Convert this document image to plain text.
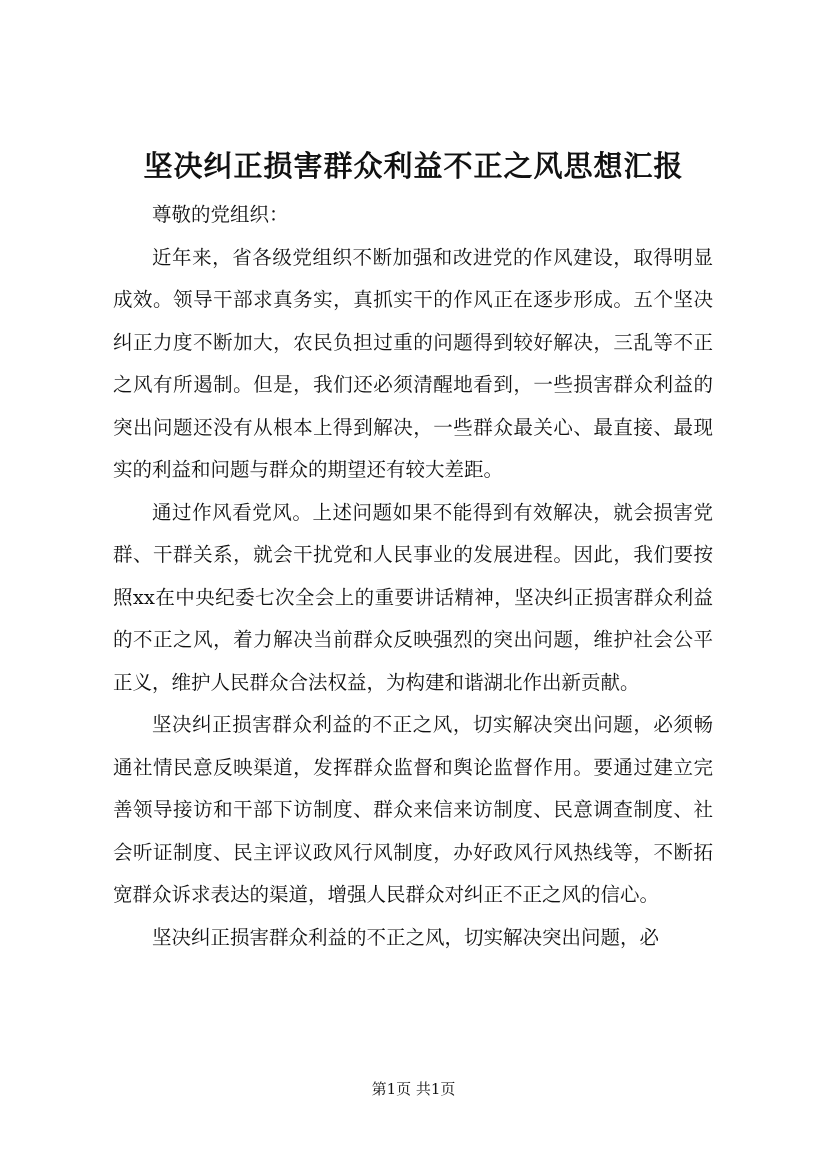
坚决纠正损害群众利益不正之风思想汇报

尊敬的党组织：

近年来，省各级党组织不断加强和改进党的作风建设，取得明显成效。领导干部求真务实，真抓实干的作风正在逐步形成。五个坚决纠正力度不断加大，农民负担过重的问题得到较好解决，三乱等不正之风有所遏制。但是，我们还必须清醒地看到，一些损害群众利益的突出问题还没有从根本上得到解决，一些群众最关心、最直接、最现实的利益和问题与群众的期望还有较大差距。

通过作风看党风。上述问题如果不能得到有效解决，就会损害党群、干群关系，就会干扰党和人民事业的发展进程。因此，我们要按照xx在中央纪委七次全会上的重要讲话精神，坚决纠正损害群众利益的不正之风，着力解决当前群众反映强烈的突出问题，维护社会公平正义，维护人民群众合法权益，为构建和谐湖北作出新贡献。

坚决纠正损害群众利益的不正之风，切实解决突出问题，必须畅通社情民意反映渠道，发挥群众监督和舆论监督作用。要通过建立完善领导接访和干部下访制度、群众来信来访制度、民意调查制度、社会听证制度、民主评议政风行风制度，办好政风行风热线等，不断拓宽群众诉求表达的渠道，增强人民群众对纠正不正之风的信心。

坚决纠正损害群众利益的不正之风，切实解决突出问题，必

第1页 共1页
